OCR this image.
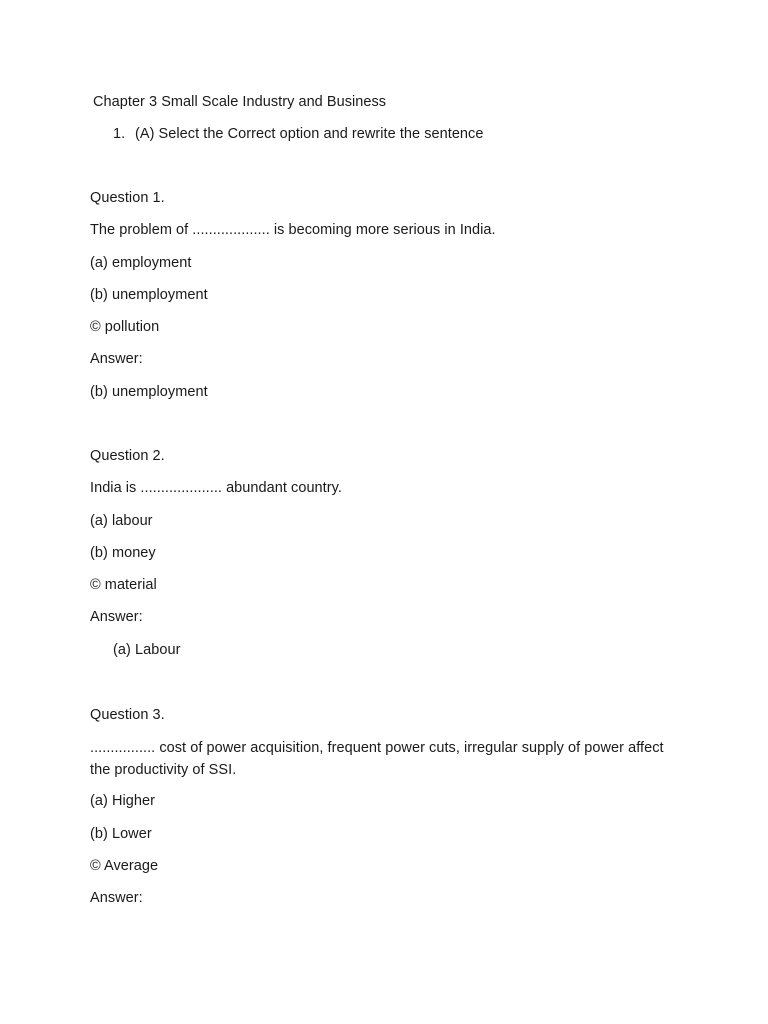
Chapter 3 Small Scale Industry and Business
1. (A) Select the Correct option and rewrite the sentence
Question 1.
The problem of ................... is becoming more serious in India.
(a) employment
(b) unemployment
© pollution
Answer:
(b) unemployment
Question 2.
India is .................... abundant country.
(a) labour
(b) money
© material
Answer:
(a) Labour
Question 3.
................ cost of power acquisition, frequent power cuts, irregular supply of power affect the productivity of SSI.
(a) Higher
(b) Lower
© Average
Answer:
